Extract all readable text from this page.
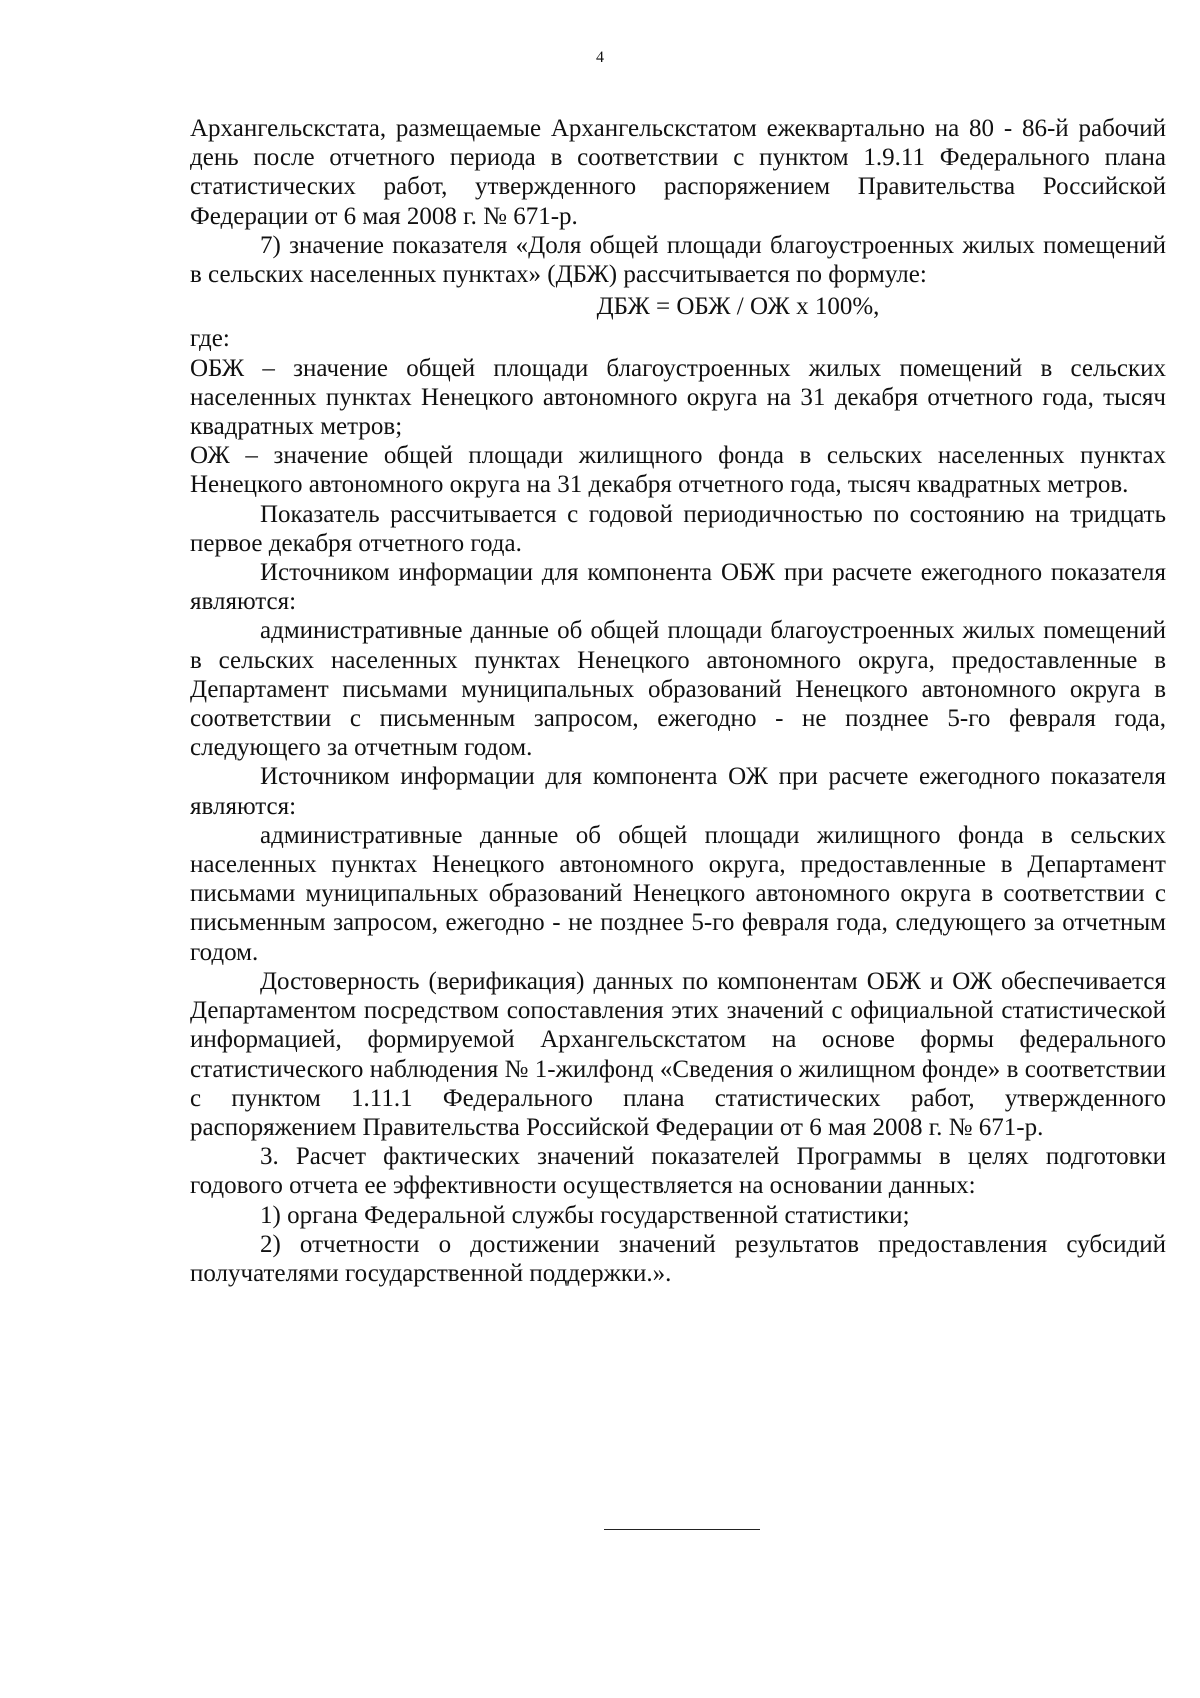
4

Архангельскстата, размещаемые Архангельскстатом ежеквартально на 80 - 86-й рабочий день после отчетного периода в соответствии с пунктом 1.9.11 Федерального плана статистических работ, утвержденного распоряжением Правительства Российской Федерации от 6 мая 2008 г. № 671-р.

7) значение показателя «Доля общей площади благоустроенных жилых помещений в сельских населенных пунктах» (ДБЖ) рассчитывается по формуле:

ДБЖ = ОБЖ / ОЖ х 100%,

где:

ОБЖ – значение общей площади благоустроенных жилых помещений в сельских населенных пунктах Ненецкого автономного округа на 31 декабря отчетного года, тысяч квадратных метров;

ОЖ – значение общей площади жилищного фонда в сельских населенных пунктах Ненецкого автономного округа на 31 декабря отчетного года, тысяч квадратных метров.

Показатель рассчитывается с годовой периодичностью по состоянию на тридцать первое декабря отчетного года.

Источником информации для компонента ОБЖ при расчете ежегодного показателя являются:

административные данные об общей площади благоустроенных жилых помещений в сельских населенных пунктах Ненецкого автономного округа, предоставленные в Департамент письмами муниципальных образований Ненецкого автономного округа в соответствии с письменным запросом, ежегодно - не позднее 5-го февраля года, следующего за отчетным годом.

Источником информации для компонента ОЖ при расчете ежегодного показателя являются:

административные данные об общей площади жилищного фонда в сельских населенных пунктах Ненецкого автономного округа, предоставленные в Департамент письмами муниципальных образований Ненецкого автономного округа в соответствии с письменным запросом, ежегодно - не позднее 5-го февраля года, следующего за отчетным годом.

Достоверность (верификация) данных по компонентам ОБЖ и ОЖ обеспечивается Департаментом посредством сопоставления этих значений с официальной статистической информацией, формируемой Архангельскстатом на основе формы федерального статистического наблюдения № 1-жилфонд «Сведения о жилищном фонде» в соответствии с пунктом 1.11.1 Федерального плана статистических работ, утвержденного распоряжением Правительства Российской Федерации от 6 мая 2008 г. № 671-р.

3. Расчет фактических значений показателей Программы в целях подготовки годового отчета ее эффективности осуществляется на основании данных:

1) органа Федеральной службы государственной статистики;

2) отчетности о достижении значений результатов предоставления субсидий получателями государственной поддержки.».
